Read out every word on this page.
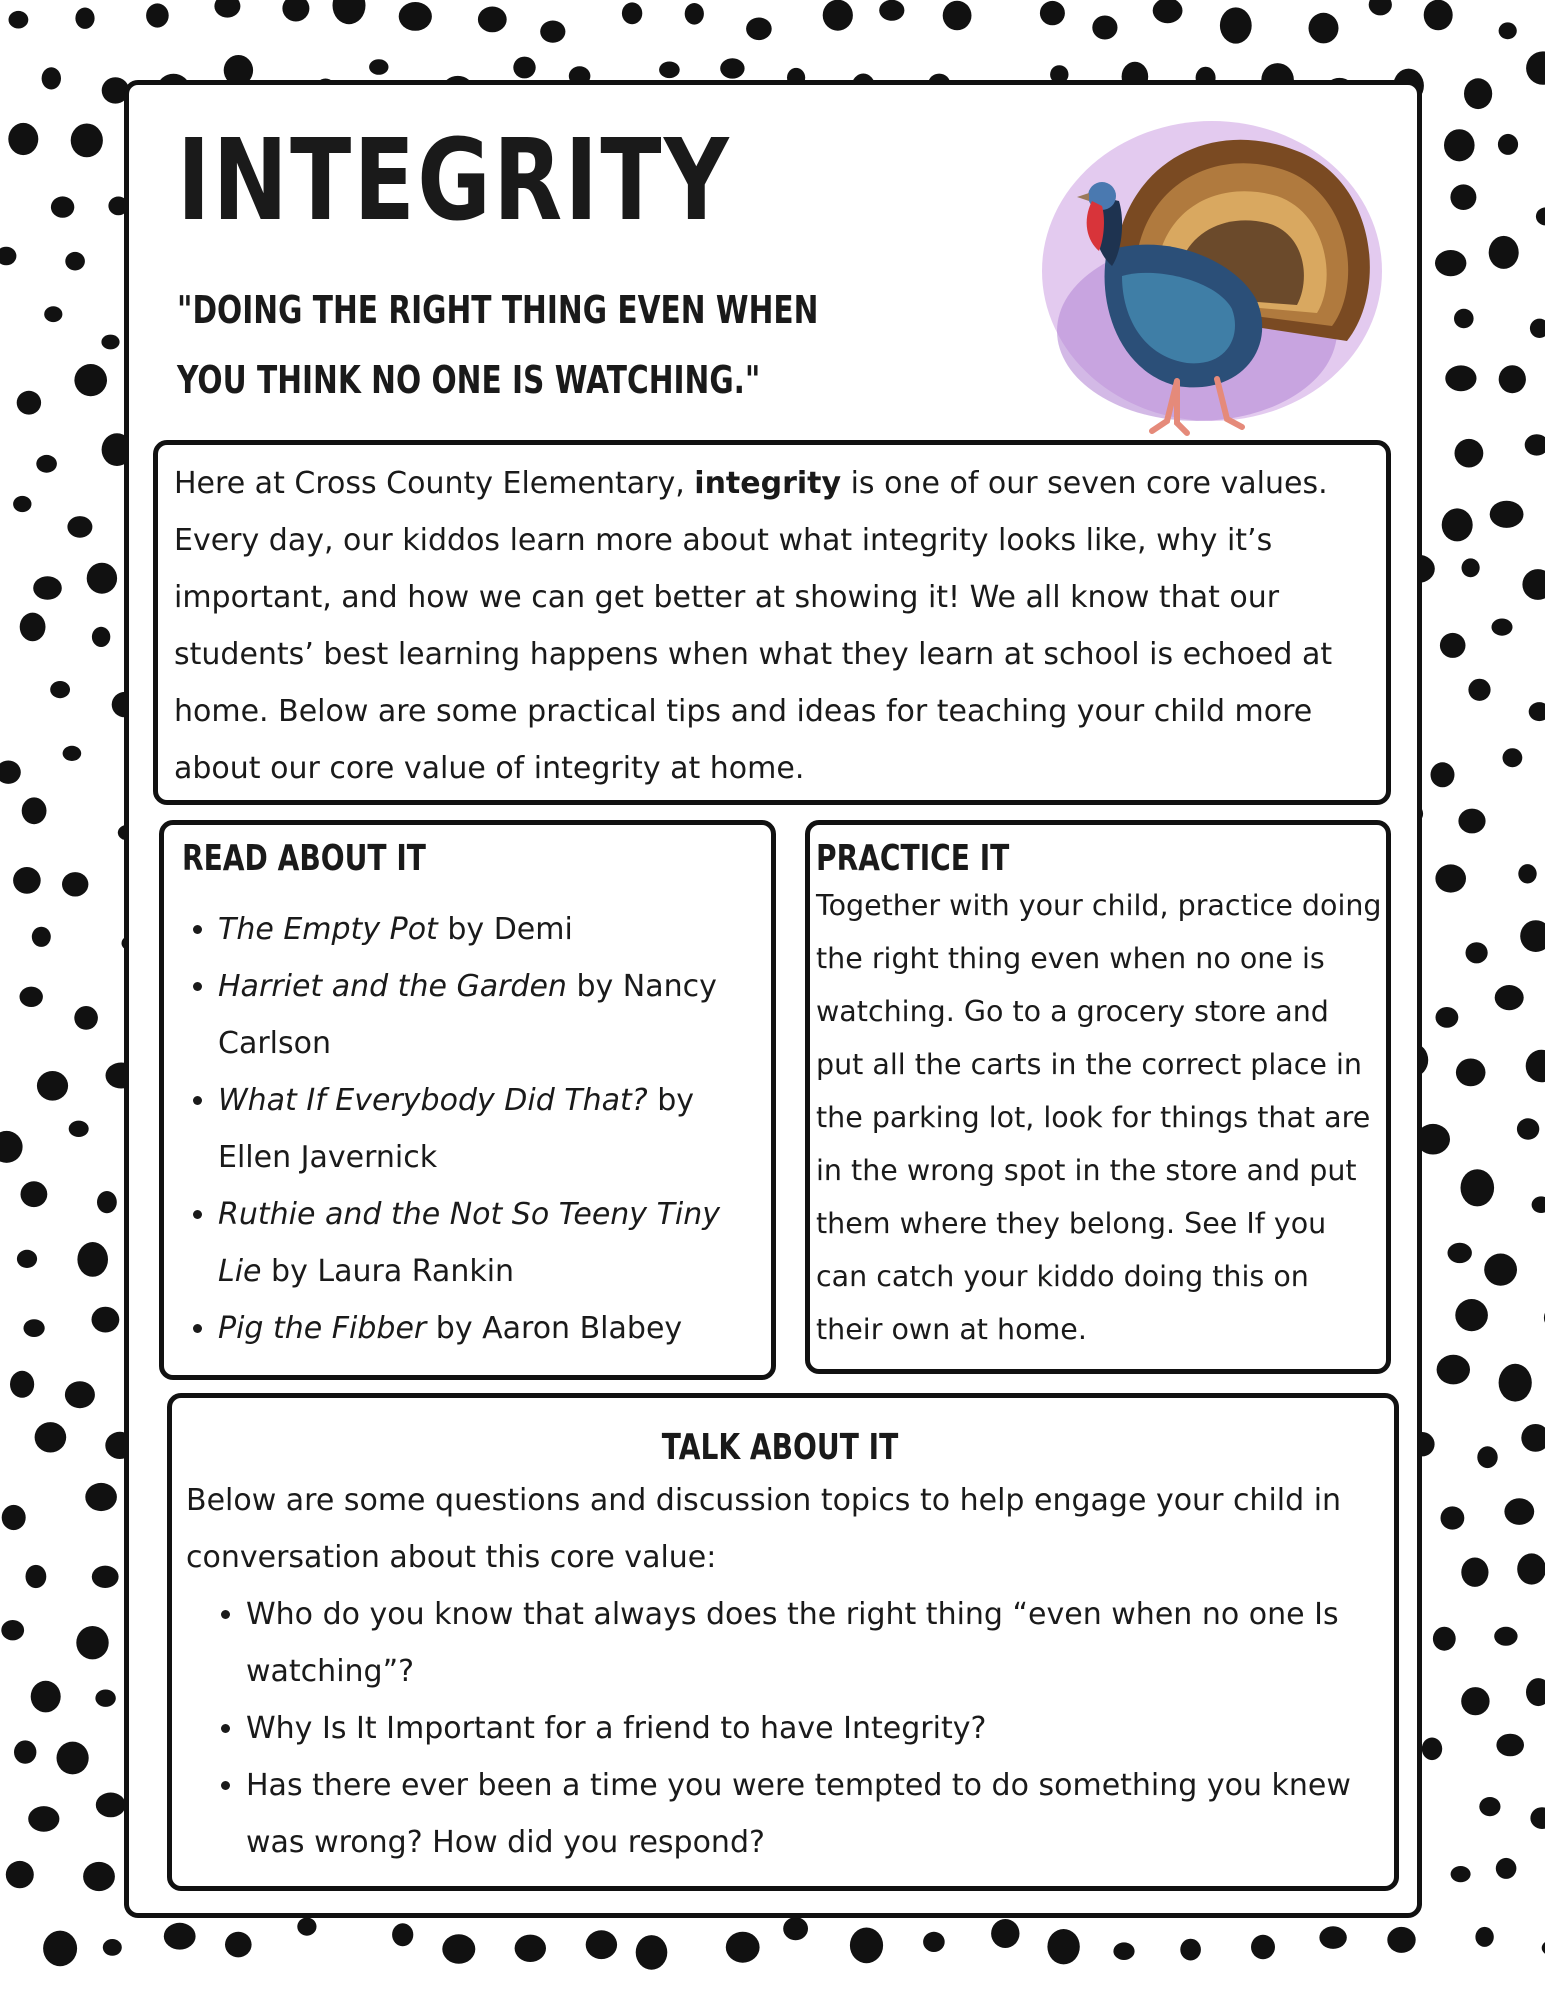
INTEGRITY

"DOING THE RIGHT THING EVEN WHEN YOU THINK NO ONE IS WATCHING."

Here at Cross County Elementary, integrity is one of our seven core values. Every day, our kiddos learn more about what integrity looks like, why it’s important, and how we can get better at showing it! We all know that our students’ best learning happens when what they learn at school is echoed at home. Below are some practical tips and ideas for teaching your child more about our core value of integrity at home.

READ ABOUT IT
• The Empty Pot by Demi
• Harriet and the Garden by Nancy Carlson
• What If Everybody Did That? by Ellen Javernick
• Ruthie and the Not So Teeny Tiny Lie by Laura Rankin
• Pig the Fibber by Aaron Blabey
PRACTICE IT

Together with your child, practice doing the right thing even when no one is watching. Go to a grocery store and put all the carts in the correct place in the parking lot, look for things that are in the wrong spot in the store and put them where they belong. See If you can catch your kiddo doing this on their own at home.

TALK ABOUT IT

Below are some questions and discussion topics to help engage your child in conversation about this core value:

• Who do you know that always does the right thing “even when no one Is watching”?
• Why Is It Important for a friend to have Integrity?
• Has there ever been a time you were tempted to do something you knew was wrong? How did you respond?
